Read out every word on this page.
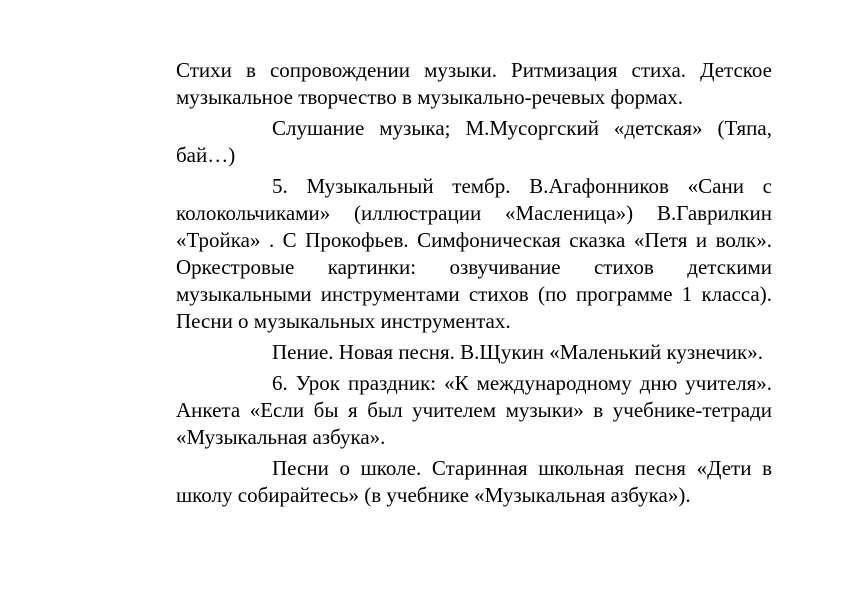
Стихи в сопровождении музыки. Ритмизация стиха. Детское музыкальное творчество в музыкально-речевых формах.

Слушание музыка; М.Мусоргский «детская» (Тяпа, бай…)

5. Музыкальный тембр. В.Агафонников «Сани с колокольчиками» (иллюстрации «Масленица») В.Гаврилкин «Тройка» . С Прокофьев. Симфоническая сказка «Петя и волк». Оркестровые картинки: озвучивание стихов детскими музыкальными инструментами стихов (по программе 1 класса). Песни о музыкальных инструментах.

Пение. Новая песня. В.Щукин «Маленький кузнечик».

6. Урок праздник: «К международному дню учителя». Анкета «Если бы я был учителем музыки» в учебнике-тетради «Музыкальная азбука».

Песни о школе. Старинная школьная песня «Дети в школу собирайтесь» (в учебнике «Музыкальная азбука»).
